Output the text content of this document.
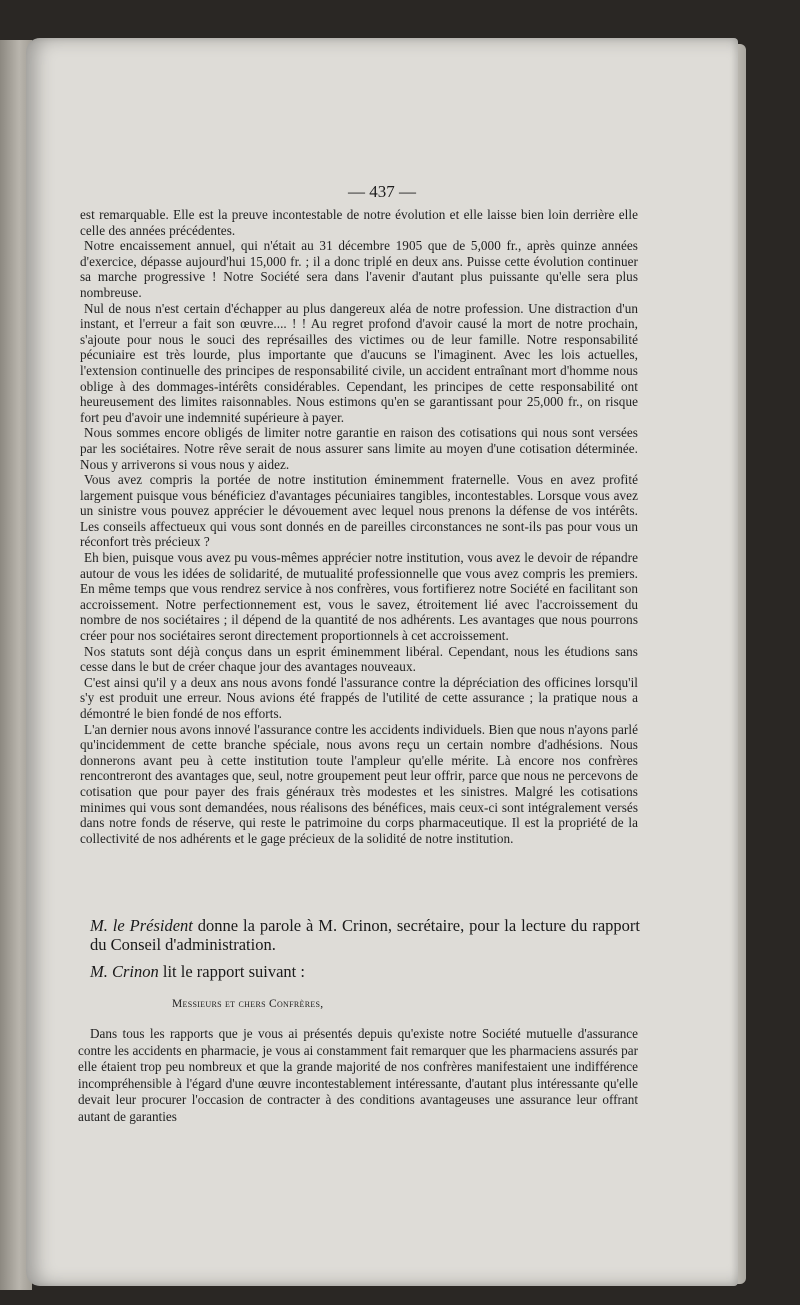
— 437 —

est remarquable. Elle est la preuve incontestable de notre évolution et elle laisse bien loin derrière elle celle des années précédentes.

Notre encaissement annuel, qui n'était au 31 décembre 1905 que de 5,000 fr., après quinze années d'exercice, dépasse aujourd'hui 15,000 fr. ; il a donc triplé en deux ans. Puisse cette évolution continuer sa marche progressive ! Notre Société sera dans l'avenir d'autant plus puissante qu'elle sera plus nombreuse.

Nul de nous n'est certain d'échapper au plus dangereux aléa de notre profession. Une distraction d'un instant, et l'erreur a fait son œuvre.... ! ! Au regret profond d'avoir causé la mort de notre prochain, s'ajoute pour nous le souci des représailles des victimes ou de leur famille. Notre responsabilité pécuniaire est très lourde, plus importante que d'aucuns se l'imaginent. Avec les lois actuelles, l'extension continuelle des principes de responsabilité civile, un accident entraînant mort d'homme nous oblige à des dommages-intérêts considérables. Cependant, les principes de cette responsabilité ont heureusement des limites raisonnables. Nous estimons qu'en se garantissant pour 25,000 fr., on risque fort peu d'avoir une indemnité supérieure à payer.

Nous sommes encore obligés de limiter notre garantie en raison des cotisations qui nous sont versées par les sociétaires. Notre rêve serait de nous assurer sans limite au moyen d'une cotisation déterminée. Nous y arriverons si vous nous y aidez.

Vous avez compris la portée de notre institution éminemment fraternelle. Vous en avez profité largement puisque vous bénéficiez d'avantages pécuniaires tangibles, incontestables. Lorsque vous avez un sinistre vous pouvez apprécier le dévouement avec lequel nous prenons la défense de vos intérêts. Les conseils affectueux qui vous sont donnés en de pareilles circonstances ne sont-ils pas pour vous un réconfort très précieux ?

Eh bien, puisque vous avez pu vous-mêmes apprécier notre institution, vous avez le devoir de répandre autour de vous les idées de solidarité, de mutualité professionnelle que vous avez compris les premiers. En même temps que vous rendrez service à nos confrères, vous fortifierez notre Société en facilitant son accroissement. Notre perfectionnement est, vous le savez, étroitement lié avec l'accroissement du nombre de nos sociétaires ; il dépend de la quantité de nos adhérents. Les avantages que nous pourrons créer pour nos sociétaires seront directement proportionnels à cet accroissement.

Nos statuts sont déjà conçus dans un esprit éminemment libéral. Cependant, nous les étudions sans cesse dans le but de créer chaque jour des avantages nouveaux.

C'est ainsi qu'il y a deux ans nous avons fondé l'assurance contre la dépréciation des officines lorsqu'il s'y est produit une erreur. Nous avions été frappés de l'utilité de cette assurance ; la pratique nous a démontré le bien fondé de nos efforts.

L'an dernier nous avons innové l'assurance contre les accidents individuels. Bien que nous n'ayons parlé qu'incidemment de cette branche spéciale, nous avons reçu un certain nombre d'adhésions. Nous donnerons avant peu à cette institution toute l'ampleur qu'elle mérite. Là encore nos confrères rencontreront des avantages que, seul, notre groupement peut leur offrir, parce que nous ne percevons de cotisation que pour payer des frais généraux très modestes et les sinistres. Malgré les cotisations minimes qui vous sont demandées, nous réalisons des bénéfices, mais ceux-ci sont intégralement versés dans notre fonds de réserve, qui reste le patrimoine du corps pharmaceutique. Il est la propriété de la collectivité de nos adhérents et le gage précieux de la solidité de notre institution.

M. le Président donne la parole à M. Crinon, secrétaire, pour la lecture du rapport du Conseil d'administration.
M. Crinon lit le rapport suivant :
Messieurs et chers Confrères,

Dans tous les rapports que je vous ai présentés depuis qu'existe notre Société mutuelle d'assurance contre les accidents en pharmacie, je vous ai constamment fait remarquer que les pharmaciens assurés par elle étaient trop peu nombreux et que la grande majorité de nos confrères manifestaient une indifférence incompréhensible à l'égard d'une œuvre incontestablement intéressante, d'autant plus intéressante qu'elle devait leur procurer l'occasion de contracter à des conditions avantageuses une assurance leur offrant autant de garanties
